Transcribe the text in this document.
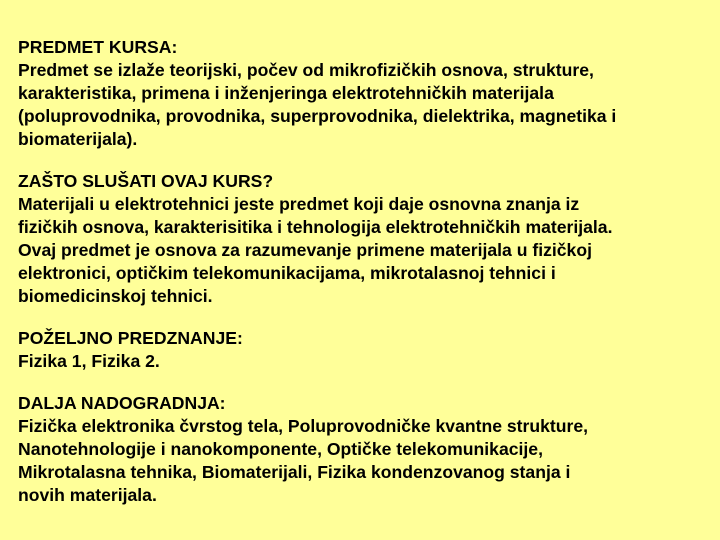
PREDMET KURSA:
Predmet se izlaže teorijski, počev od mikrofizičkih osnova, strukture,
karakteristika, primena i inženjeringa elektrotehničkih materijala
(poluprovodnika, provodnika, superprovodnika, dielektrika, magnetika i
biomaterijala).
ZAŠTO SLUŠATI OVAJ KURS?
Materijali u elektrotehnici jeste predmet koji daje osnovna znanja iz
fizičkih osnova, karakterisitika i tehnologija elektrotehničkih materijala.
Ovaj predmet je osnova za razumevanje primene materijala u fizičkoj
elektronici, optičkim telekomunikacijama, mikrotalasnoj tehnici i
biomedicinskoj tehnici.
POŽELJNO PREDZNANJE:
Fizika 1, Fizika 2.
DALJA NADOGRADNJA:
Fizička elektronika čvrstog tela, Poluprovodničke kvantne strukture,
Nanotehnologije i nanokomponente, Optičke telekomunikacije,
Mikrotalasna tehnika, Biomaterijali, Fizika kondenzovanog stanja i
novih materijala.
